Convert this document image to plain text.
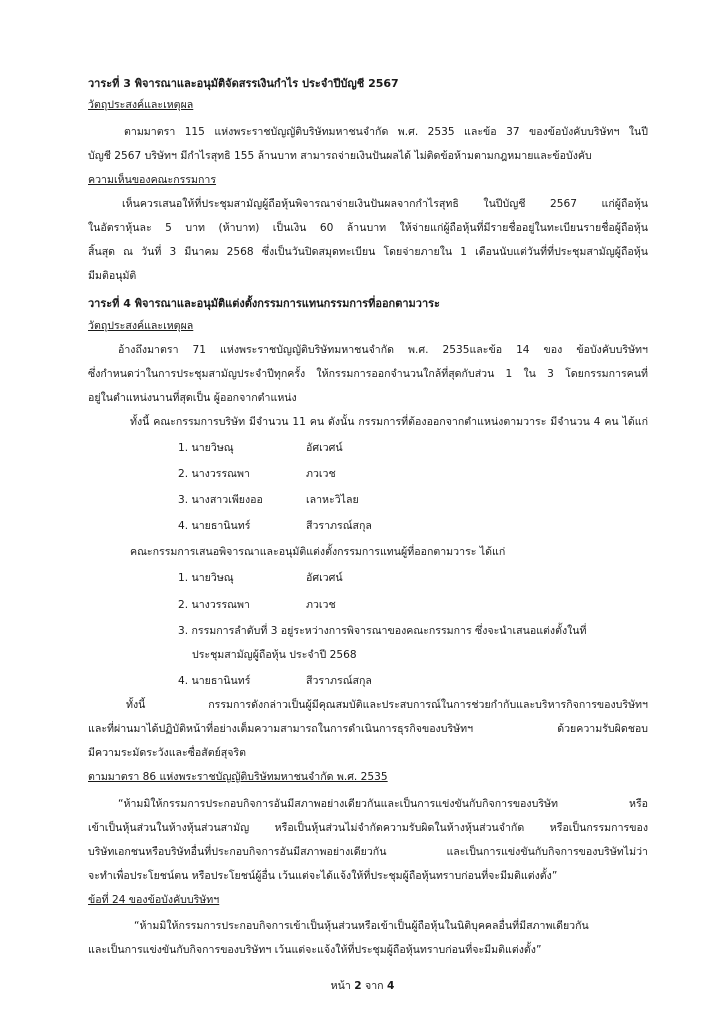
วาระที่ 3 พิจารณาและอนุมัติจัดสรรเงินกำไร ประจำปีบัญชี 2567
วัตถุประสงค์และเหตุผล
ตามมาตรา 115 แห่งพระราชบัญญัติบริษัทมหาชนจำกัด พ.ศ. 2535 และข้อ 37 ของข้อบังคับบริษัทฯ ในปี
บัญชี 2567 บริษัทฯ มีกำไรสุทธิ 155 ล้านบาท สามารถจ่ายเงินปันผลได้ ไม่ติดข้อห้ามตามกฎหมายและข้อบังคับ
ความเห็นของคณะกรรมการ
เห็นควรเสนอให้ที่ประชุมสามัญผู้ถือหุ้นพิจารณาจ่ายเงินปันผลจากกำไรสุทธิ ในปีบัญชี 2567 แก่ผู้ถือหุ้น
ในอัตราหุ้นละ 5 บาท (ห้าบาท) เป็นเงิน 60 ล้านบาท ให้จ่ายแก่ผู้ถือหุ้นที่มีรายชื่ออยู่ในทะเบียนรายชื่อผู้ถือหุ้น
สิ้นสุด ณ วันที่ 3 มีนาคม 2568 ซึ่งเป็นวันปิดสมุดทะเบียน โดยจ่ายภายใน 1 เดือนนับแต่วันที่ที่ประชุมสามัญผู้ถือหุ้น
มีมติอนุมัติ
วาระที่ 4 พิจารณาและอนุมัติแต่งตั้งกรรมการแทนกรรมการที่ออกตามวาระ
วัตถุประสงค์และเหตุผล
อ้างถึงมาตรา 71 แห่งพระราชบัญญัติบริษัทมหาชนจำกัด พ.ศ. 2535และข้อ 14 ของ ข้อบังคับบริษัทฯ
ซึ่งกำหนดว่าในการประชุมสามัญประจำปีทุกครั้ง ให้กรรมการออกจำนวนใกล้ที่สุดกับส่วน 1 ใน 3 โดยกรรมการคนที่
อยู่ในตำแหน่งนานที่สุดเป็น ผู้ออกจากตำแหน่ง
ทั้งนี้ คณะกรรมการบริษัท มีจำนวน 11 คน ดังนั้น กรรมการที่ต้องออกจากตำแหน่งตามวาระ มีจำนวน 4 คน ได้แก่
1. นายวิษณุ	อัศเวศน์
2. นางวรรณพา	ภวเวช
3. นางสาวเพียงออ	เลาหะวิไลย
4. นายธานินทร์	สีวราภรณ์สกุล
คณะกรรมการเสนอพิจารณาและอนุมัติแต่งตั้งกรรมการแทนผู้ที่ออกตามวาระ ได้แก่
1. นายวิษณุ	อัศเวศน์
2. นางวรรณพา	ภวเวช
3. กรรมการลำดับที่ 3 อยู่ระหว่างการพิจารณาของคณะกรรมการ ซึ่งจะนำเสนอแต่งตั้งในที่
ประชุมสามัญผู้ถือหุ้น ประจำปี 2568
4. นายธานินทร์	สีวราภรณ์สกุล
ทั้งนี้ กรรมการดังกล่าวเป็นผู้มีคุณสมบัติและประสบการณ์ในการช่วยกำกับและบริหารกิจการของบริษัทฯ
และที่ผ่านมาได้ปฏิบัติหน้าที่อย่างเต็มความสามารถในการดำเนินการธุรกิจของบริษัทฯ ด้วยความรับผิดชอบ
มีความระมัดระวังและซื่อสัตย์สุจริต
ตามมาตรา 86 แห่งพระราชบัญญัติบริษัทมหาชนจำกัด พ.ศ. 2535
“ห้ามมิให้กรรมการประกอบกิจการอันมีสภาพอย่างเดียวกันและเป็นการแข่งขันกับกิจการของบริษัท หรือ
เข้าเป็นหุ้นส่วนในห้างหุ้นส่วนสามัญ หรือเป็นหุ้นส่วนไม่จำกัดความรับผิดในห้างหุ้นส่วนจำกัด หรือเป็นกรรมการของ
บริษัทเอกชนหรือบริษัทอื่นที่ประกอบกิจการอันมีสภาพอย่างเดียวกัน และเป็นการแข่งขันกับกิจการของบริษัทไม่ว่า
จะทำเพื่อประโยชน์ตน หรือประโยชน์ผู้อื่น เว้นแต่จะได้แจ้งให้ที่ประชุมผู้ถือหุ้นทราบก่อนที่จะมีมติแต่งตั้ง”
ข้อที่ 24 ของข้อบังคับบริษัทฯ
“ห้ามมิให้กรรมการประกอบกิจการเข้าเป็นหุ้นส่วนหรือเข้าเป็นผู้ถือหุ้นในนิติบุคคลอื่นที่มีสภาพเดียวกัน
และเป็นการแข่งขันกับกิจการของบริษัทฯ เว้นแต่จะแจ้งให้ที่ประชุมผู้ถือหุ้นทราบก่อนที่จะมีมติแต่งตั้ง”
หน้า 2 จาก 4
